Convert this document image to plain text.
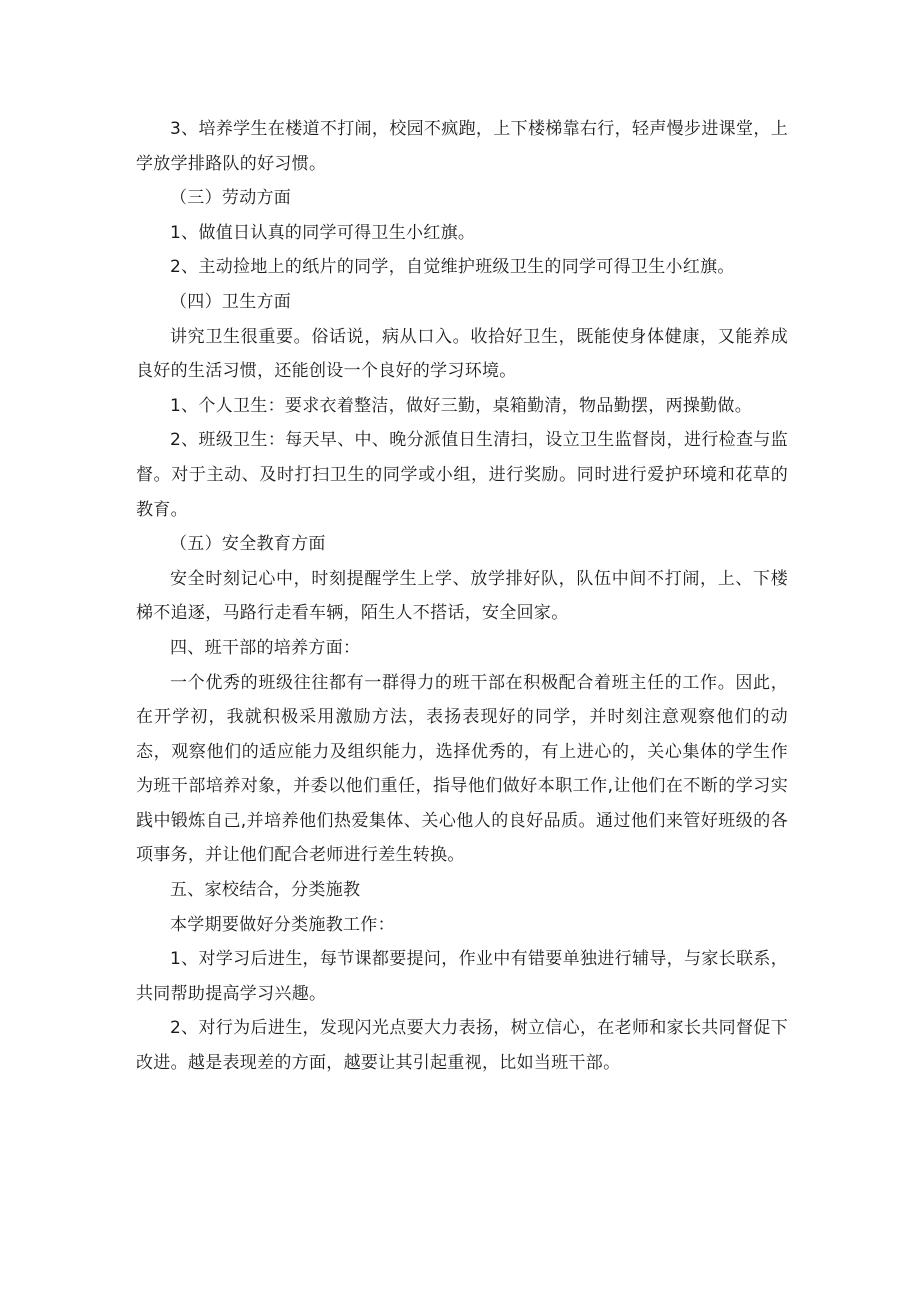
3、培养学生在楼道不打闹，校园不疯跑，上下楼梯靠右行，轻声慢步进课堂，上学放学排路队的好习惯。

（三）劳动方面

1、做值日认真的同学可得卫生小红旗。

2、主动捡地上的纸片的同学，自觉维护班级卫生的同学可得卫生小红旗。

（四）卫生方面

讲究卫生很重要。俗话说，病从口入。收拾好卫生，既能使身体健康，又能养成良好的生活习惯，还能创设一个良好的学习环境。

1、个人卫生：要求衣着整洁，做好三勤，桌箱勤清，物品勤摆，两操勤做。

2、班级卫生：每天早、中、晚分派值日生清扫，设立卫生监督岗，进行检查与监督。对于主动、及时打扫卫生的同学或小组，进行奖励。同时进行爱护环境和花草的教育。

（五）安全教育方面

安全时刻记心中，时刻提醒学生上学、放学排好队，队伍中间不打闹，上、下楼梯不追逐，马路行走看车辆，陌生人不搭话，安全回家。

四、班干部的培养方面：

一个优秀的班级往往都有一群得力的班干部在积极配合着班主任的工作。因此，在开学初，我就积极采用激励方法，表扬表现好的同学，并时刻注意观察他们的动态，观察他们的适应能力及组织能力，选择优秀的，有上进心的，关心集体的学生作为班干部培养对象，并委以他们重任，指导他们做好本职工作,让他们在不断的学习实践中锻炼自己,并培养他们热爱集体、关心他人的良好品质。通过他们来管好班级的各项事务，并让他们配合老师进行差生转换。

五、家校结合，分类施教

本学期要做好分类施教工作：

1、对学习后进生，每节课都要提问，作业中有错要单独进行辅导，与家长联系，共同帮助提高学习兴趣。

2、对行为后进生，发现闪光点要大力表扬，树立信心，在老师和家长共同督促下改进。越是表现差的方面，越要让其引起重视，比如当班干部。
